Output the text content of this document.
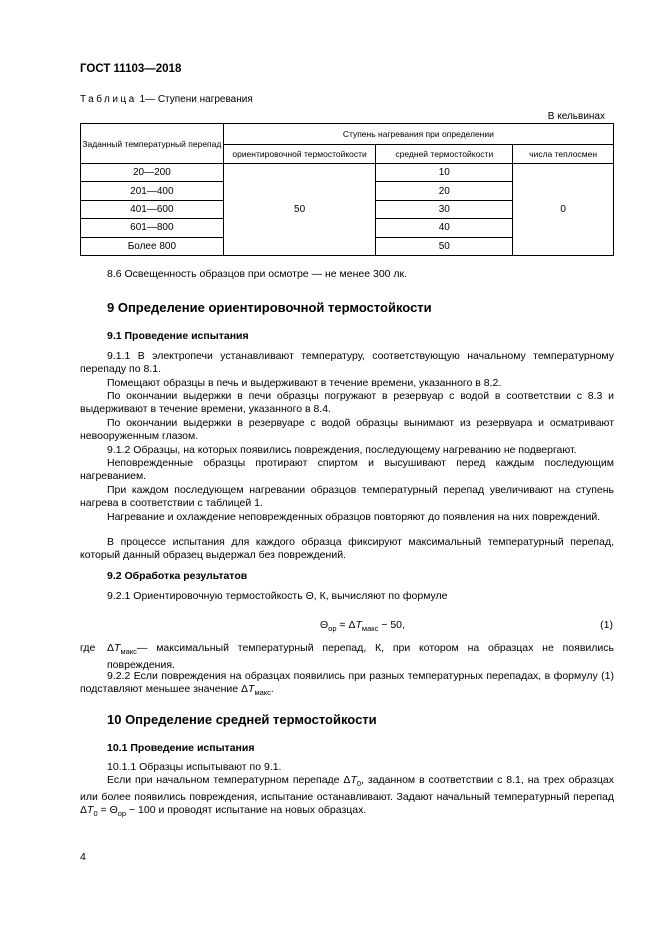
ГОСТ 11103—2018
Таблица 1— Ступени нагревания
В кельвинах
Заданный температурный перепад	Ступень нагревания при определении		
	ориентировочной термостойкости	средней термостойкости	числа теплосмен
20—200	50	10	0
201—400		20	
401—600		30	
601—800		40	
Более 800		50	
8.6 Освещенность образцов при осмотре — не менее 300 лк.
9 Определение ориентировочной термостойкости
9.1 Проведение испытания
9.1.1 В электропечи устанавливают температуру, соответствующую начальному температурному перепаду по 8.1.
Помещают образцы в печь и выдерживают в течение времени, указанного в 8.2.
По окончании выдержки в печи образцы погружают в резервуар с водой в соответствии с 8.3 и выдерживают в течение времени, указанного в 8.4.
По окончании выдержки в резервуаре с водой образцы вынимают из резервуара и осматривают невооруженным глазом.
9.1.2 Образцы, на которых появились повреждения, последующему нагреванию не подвергают.
Неповрежденные образцы протирают спиртом и высушивают перед каждым последующим нагреванием.
При каждом последующем нагревании образцов температурный перепад увеличивают на ступень нагрева в соответствии с таблицей 1.
Нагревание и охлаждение неповрежденных образцов повторяют до появления на них повреждений.
В процессе испытания для каждого образца фиксируют максимальный температурный перепад, который данный образец выдержал без повреждений.
9.2 Обработка результатов
9.2.1 Ориентировочную термостойкость Θ, К, вычисляют по формуле
$\Theta_{ор} = \Delta T_{макс} - 50$,	(1)
где $\Delta T_{макс}—$ максимальный температурный перепад, К, при котором на образцах не появились повреждения.
9.2.2 Если повреждения на образцах появились при разных температурных перепадах, в формулу (1) подставляют меньшее значение $\Delta T_{макс}$.
10 Определение средней термостойкости
10.1 Проведение испытания
10.1.1 Образцы испытывают по 9.1.
Если при начальном температурном перепаде $\Delta T_0$, заданном в соответствии с 8.1, на трех образцах или более появились повреждения, испытание останавливают. Задают начальный температурный перепад $\Delta T_0 = \Theta_{ор} - 100$ и проводят испытание на новых образцах.
4
